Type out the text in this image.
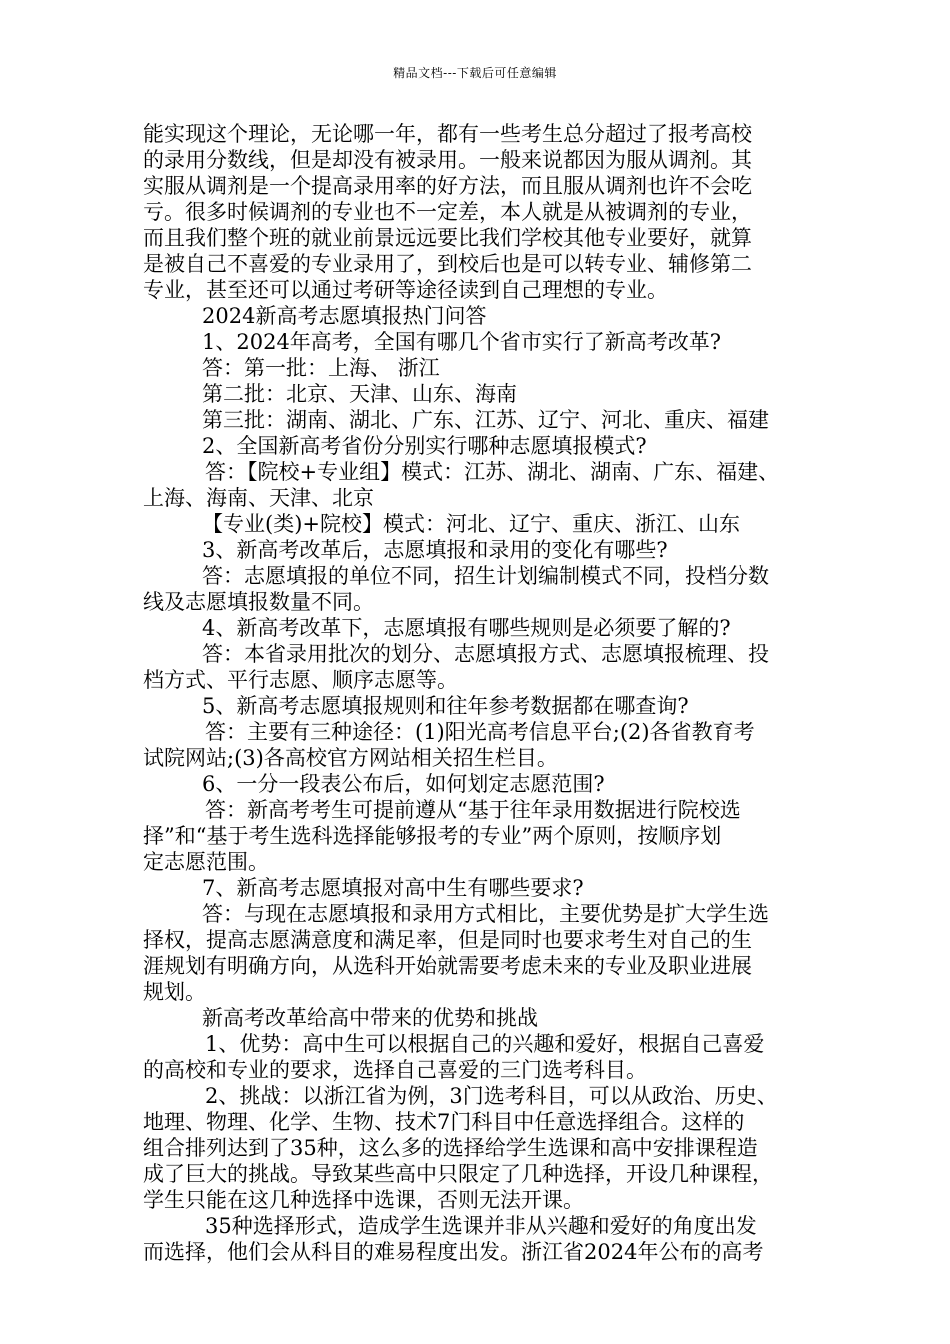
精品文档---下载后可任意编辑
能实现这个理论，无论哪一年，都有一些考生总分超过了报考高校
的录用分数线，但是却没有被录用。一般来说都因为服从调剂。其
实服从调剂是一个提高录用率的好方法，而且服从调剂也许不会吃
亏。很多时候调剂的专业也不一定差，本人就是从被调剂的专业，
而且我们整个班的就业前景远远要比我们学校其他专业要好，就算
是被自己不喜爱的专业录用了，到校后也是可以转专业、辅修第二
专业，甚至还可以通过考研等途径读到自己理想的专业。
2024新高考志愿填报热门问答
1、2024年高考，全国有哪几个省市实行了新高考改革?
答：第一批：上海、 浙江
第二批：北京、天津、山东、海南
第三批：湖南、湖北、广东、江苏、辽宁、河北、重庆、福建
2、全国新高考省份分别实行哪种志愿填报模式?
答：【院校+专业组】模式：江苏、湖北、湖南、广东、福建、
上海、海南、天津、北京
【专业(类)+院校】模式：河北、辽宁、重庆、浙江、山东
3、新高考改革后，志愿填报和录用的变化有哪些?
答：志愿填报的单位不同，招生计划编制模式不同，投档分数
线及志愿填报数量不同。
4、新高考改革下，志愿填报有哪些规则是必须要了解的?
答：本省录用批次的划分、志愿填报方式、志愿填报梳理、投
档方式、平行志愿、顺序志愿等。
5、新高考志愿填报规则和往年参考数据都在哪查询?
答：主要有三种途径：(1)阳光高考信息平台;(2)各省教育考
试院网站;(3)各高校官方网站相关招生栏目。
6、一分一段表公布后，如何划定志愿范围?
答：新高考考生可提前遵从“基于往年录用数据进行院校选
择”和“基于考生选科选择能够报考的专业”两个原则，按顺序划
定志愿范围。
7、新高考志愿填报对高中生有哪些要求?
答：与现在志愿填报和录用方式相比，主要优势是扩大学生选
择权，提高志愿满意度和满足率，但是同时也要求考生对自己的生
涯规划有明确方向，从选科开始就需要考虑未来的专业及职业进展
规划。
新高考改革给高中带来的优势和挑战
1、优势：高中生可以根据自己的兴趣和爱好，根据自己喜爱
的高校和专业的要求，选择自己喜爱的三门选考科目。
2、挑战：以浙江省为例，3门选考科目，可以从政治、历史、
地理、物理、化学、生物、技术7门科目中任意选择组合。这样的
组合排列达到了35种，这么多的选择给学生选课和高中安排课程造
成了巨大的挑战。导致某些高中只限定了几种选择，开设几种课程，
学生只能在这几种选择中选课，否则无法开课。
35种选择形式，造成学生选课并非从兴趣和爱好的角度出发
而选择，他们会从科目的难易程度出发。浙江省2024年公布的高考
